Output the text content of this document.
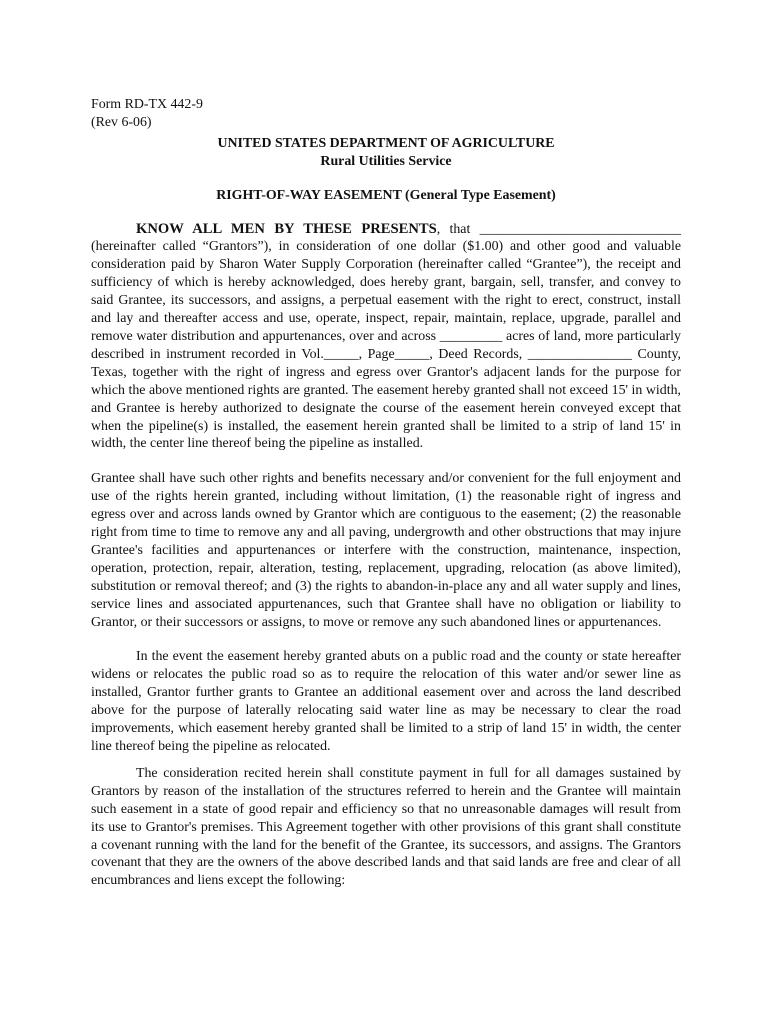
Form RD-TX 442-9
(Rev 6-06)
UNITED STATES DEPARTMENT OF AGRICULTURE
Rural Utilities Service
RIGHT-OF-WAY EASEMENT (General Type Easement)

KNOW ALL MEN BY THESE PRESENTS, that _____________________________ (hereinafter called “Grantors”), in consideration of one dollar ($1.00) and other good and valuable consideration paid by Sharon Water Supply Corporation (hereinafter called “Grantee”), the receipt and sufficiency of which is hereby acknowledged, does hereby grant, bargain, sell, transfer, and convey to said Grantee, its successors, and assigns, a perpetual easement with the right to erect, construct, install and lay and thereafter access and use, operate, inspect, repair, maintain, replace, upgrade, parallel and remove water distribution and appurtenances, over and across _________ acres of land, more particularly described in instrument recorded in Vol._____, Page_____, Deed Records, _______________ County, Texas, together with the right of ingress and egress over Grantor's adjacent lands for the purpose for which the above mentioned rights are granted. The easement hereby granted shall not exceed 15' in width, and Grantee is hereby authorized to designate the course of the easement herein conveyed except that when the pipeline(s) is installed, the easement herein granted shall be limited to a strip of land 15' in width, the center line thereof being the pipeline as installed.

Grantee shall have such other rights and benefits necessary and/or convenient for the full enjoyment and use of the rights herein granted, including without limitation, (1) the reasonable right of ingress and egress over and across lands owned by Grantor which are contiguous to the easement; (2) the reasonable right from time to time to remove any and all paving, undergrowth and other obstructions that may injure Grantee's facilities and appurtenances or interfere with the construction, maintenance, inspection, operation, protection, repair, alteration, testing, replacement, upgrading, relocation (as above limited), substitution or removal thereof; and (3) the rights to abandon-in-place any and all water supply and lines, service lines and associated appurtenances, such that Grantee shall have no obligation or liability to Grantor, or their successors or assigns, to move or remove any such abandoned lines or appurtenances.

In the event the easement hereby granted abuts on a public road and the county or state hereafter widens or relocates the public road so as to require the relocation of this water and/or sewer line as installed, Grantor further grants to Grantee an additional easement over and across the land described above for the purpose of laterally relocating said water line as may be necessary to clear the road improvements, which easement hereby granted shall be limited to a strip of land 15' in width, the center line thereof being the pipeline as relocated.

The consideration recited herein shall constitute payment in full for all damages sustained by Grantors by reason of the installation of the structures referred to herein and the Grantee will maintain such easement in a state of good repair and efficiency so that no unreasonable damages will result from its use to Grantor's premises. This Agreement together with other provisions of this grant shall constitute a covenant running with the land for the benefit of the Grantee, its successors, and assigns. The Grantors covenant that they are the owners of the above described lands and that said lands are free and clear of all encumbrances and liens except the following:
